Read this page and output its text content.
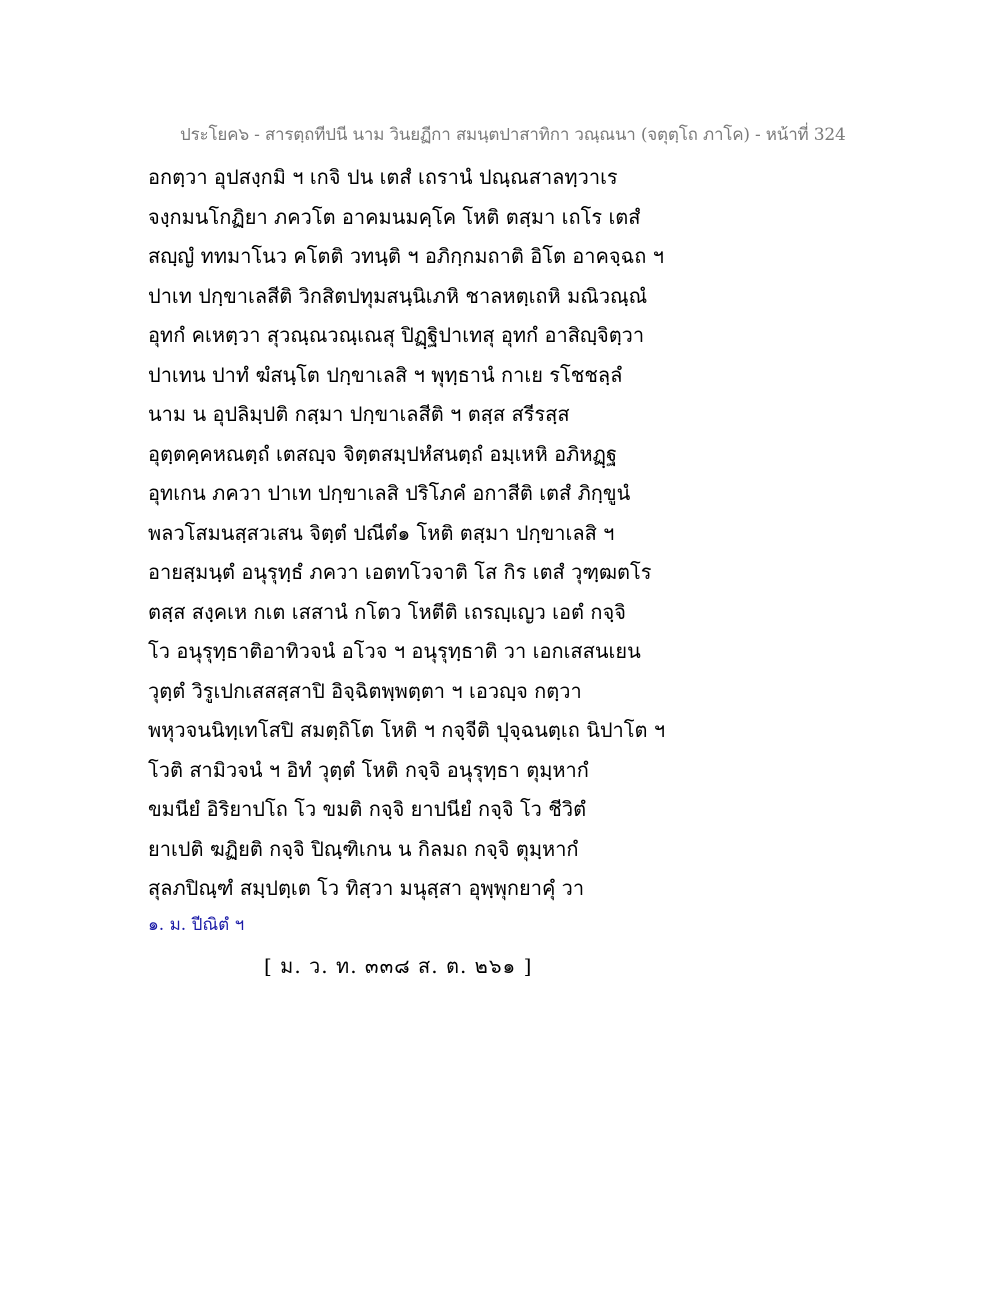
ประโยค๖ - สารตฺถทีปนี นาม วินยฏีกา สมนฺตปาสาทิกา วณฺณนา (จตุตฺโถ ภาโค) - หน้าที่ 324
อกตฺวา อุปสงฺกมิ ฯ เกจิ ปน เตสํ เถรานํ ปณฺณสาลทฺวาเร
จงฺกมนโกฏิยา ภควโต อาคมนมคฺโค โหติ ตสฺมา เถโร เตสํ
สญฺญํ ททมาโนว คโตติ วทนฺติ ฯ อภิกฺกมถาติ อิโต อาคจฺฉถ ฯ
ปาเท ปกฺขาเลสีติ วิกสิตปทุมสนฺนิเภหิ ชาลหตฺเถหิ มณิวณฺณํ
อุทกํ คเหตฺวา สุวณฺณวณฺเณสุ ปิฏฺฐิปาเทสุ อุทกํ อาสิญฺจิตฺวา
ปาเทน ปาทํ ฆํสนฺโต ปกฺขาเลสิ ฯ พุทฺธานํ กาเย รโชชลฺลํ
นาม น อุปลิมฺปติ กสฺมา ปกฺขาเลสีติ ฯ ตสฺส สรีรสฺส
อุตฺตคฺคหณตฺถํ เตสญฺจ จิตฺตสมฺปหํสนตฺถํ อมฺเหหิ อภิหฏฺฐ
อุทเกน ภควา ปาเท ปกฺขาเลสิ ปริโภคํ อกาสีติ เตสํ ภิกฺขูนํ
พลวโสมนสฺสวเสน จิตฺตํ ปณีตํ๑ โหติ ตสฺมา ปกฺขาเลสิ ฯ
อายสฺมนฺตํ อนุรุทฺธํ ภควา เอตทโวจาติ โส กิร เตสํ วุฑฺฒตโร
ตสฺส สงฺคเห กเต เสสานํ กโตว โหตีติ เถรญฺเญว เอตํ กจฺจิ
โว อนุรุทฺธาติอาทิวจนํ อโวจ ฯ อนุรุทฺธาติ วา เอกเสสนเยน
วุตฺตํ วิรูเปกเสสสฺสาปิ อิจฺฉิตพฺพตฺตา ฯ เอวญฺจ กตฺวา
พหุวจนนิทฺเทโสปิ สมตฺถิโต โหติ ฯ กจฺจีติ ปุจฺฉนตฺเถ นิปาโต ฯ
โวติ สามิวจนํ ฯ อิทํ วุตฺตํ โหติ กจฺจิ อนุรุทฺธา ตุมฺหากํ
ขมนียํ อิริยาปโถ โว ขมติ กจฺจิ ยาปนียํ กจฺจิ โว ชีวิตํ
ยาเปติ ฆฏิยติ กจฺจิ ปิณฺฑิเกน น กิลมถ กจฺจิ ตุมฺหากํ
สุลภปิณฺฑํ สมฺปตฺเต โว ทิสฺวา มนุสฺสา อุพฺพุกยาคุํ วา
๑. ม. ปีณิตํ ฯ
[ ม. ว. ท. ๓๓๘ ส. ต. ๒๖๑ ]
